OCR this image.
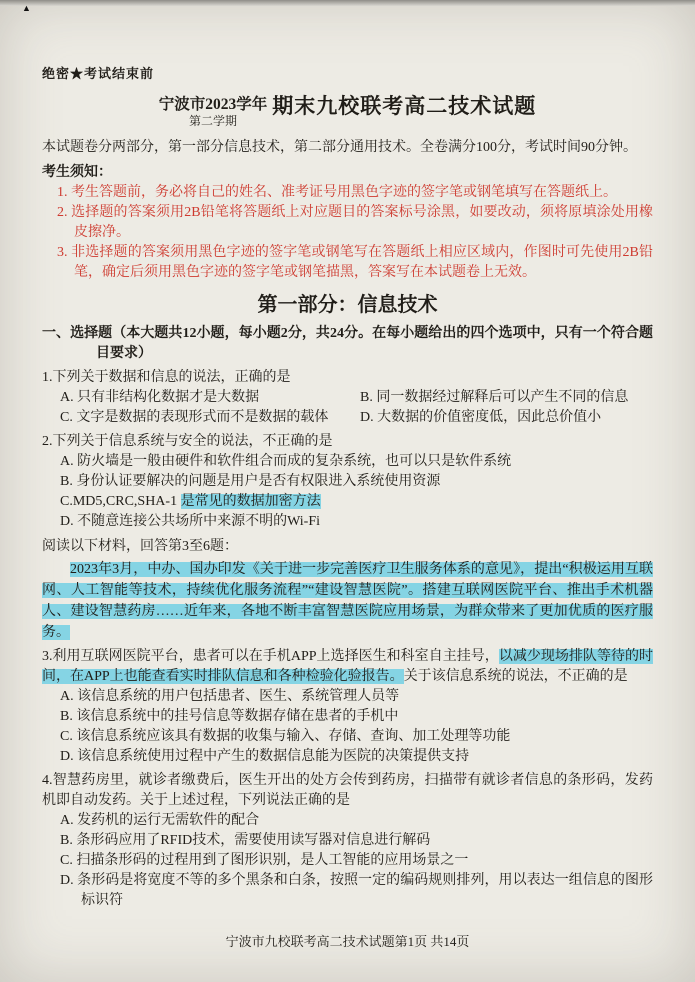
▲
绝密★考试结束前
宁波市2023学年
第二学期
期末九校联考高二技术试题
本试题卷分两部分，第一部分信息技术，第二部分通用技术。全卷满分100分，考试时间90分钟。
考生须知：
1. 考生答题前，务必将自己的姓名、准考证号用黑色字迹的签字笔或钢笔填写在答题纸上。
2. 选择题的答案须用2B铅笔将答题纸上对应题目的答案标号涂黑，如要改动，须将原填涂处用橡皮擦净。
3. 非选择题的答案须用黑色字迹的签字笔或钢笔写在答题纸上相应区域内，作图时可先使用2B铅笔，确定后须用黑色字迹的签字笔或钢笔描黑，答案写在本试题卷上无效。
第一部分：信息技术
一、选择题（本大题共12小题，每小题2分，共24分。在每小题给出的四个选项中，只有一个符合题目要求）
1.下列关于数据和信息的说法，正确的是
A. 只有非结构化数据才是大数据	B. 同一数据经过解释后可以产生不同的信息
C. 文字是数据的表现形式而不是数据的载体	D. 大数据的价值密度低，因此总价值小
2.下列关于信息系统与安全的说法，不正确的是
A. 防火墙是一般由硬件和软件组合而成的复杂系统，也可以只是软件系统
B. 身份认证要解决的问题是用户是否有权限进入系统使用资源
C.MD5,CRC,SHA-1 是常见的数据加密方法
D. 不随意连接公共场所中来源不明的Wi-Fi
阅读以下材料，回答第3至6题：
2023年3月，中办、国办印发《关于进一步完善医疗卫生服务体系的意见》，提出“积极运用互联网、人工智能等技术，持续优化服务流程”“建设智慧医院”。搭建互联网医院平台、推出手术机器人、建设智慧药房……近年来，各地不断丰富智慧医院应用场景，为群众带来了更加优质的医疗服务。
3.利用互联网医院平台，患者可以在手机APP上选择医生和科室自主挂号，以减少现场排队等待的时间，在APP上也能查看实时排队信息和各种检验化验报告。关于该信息系统的说法，不正确的是
A. 该信息系统的用户包括患者、医生、系统管理人员等
B. 该信息系统中的挂号信息等数据存储在患者的手机中
C. 该信息系统应该具有数据的收集与输入、存储、查询、加工处理等功能
D. 该信息系统使用过程中产生的数据信息能为医院的决策提供支持
4.智慧药房里，就诊者缴费后，医生开出的处方会传到药房，扫描带有就诊者信息的条形码，发药机即自动发药。关于上述过程，下列说法正确的是
A. 发药机的运行无需软件的配合
B. 条形码应用了RFID技术，需要使用读写器对信息进行解码
C. 扫描条形码的过程用到了图形识别，是人工智能的应用场景之一
D. 条形码是将宽度不等的多个黑条和白条，按照一定的编码规则排列，用以表达一组信息的图形标识符
宁波市九校联考高二技术试题第1页 共14页
